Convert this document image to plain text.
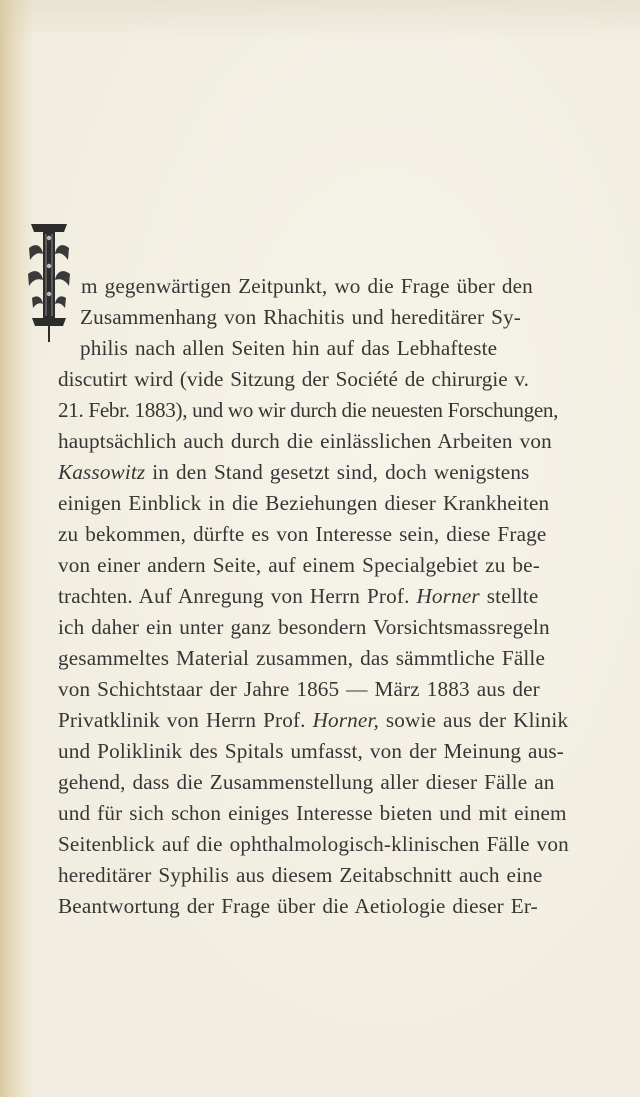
I m gegenwärtigen Zeitpunkt, wo die Frage über den
Zusammenhang von Rhachitis und hereditärer Sy-
philis nach allen Seiten hin auf das Lebhafteste
discutirt wird (vide Sitzung der Société de chirurgie v.
21. Febr. 1883), und wo wir durch die neuesten Forschungen,
hauptsächlich auch durch die einlässlichen Arbeiten von
Kassowitz in den Stand gesetzt sind, doch wenigstens
einigen Einblick in die Beziehungen dieser Krankheiten
zu bekommen, dürfte es von Interesse sein, diese Frage
von einer andern Seite, auf einem Specialgebiet zu be-
trachten. Auf Anregung von Herrn Prof. Horner stellte
ich daher ein unter ganz besondern Vorsichtsmassregeln
gesammeltes Material zusammen, das sämmtliche Fälle
von Schichtstaar der Jahre 1865 — März 1883 aus der
Privatklinik von Herrn Prof. Horner, sowie aus der Klinik
und Poliklinik des Spitals umfasst, von der Meinung aus-
gehend, dass die Zusammenstellung aller dieser Fälle an
und für sich schon einiges Interesse bieten und mit einem
Seitenblick auf die ophthalmologisch-klinischen Fälle von
hereditärer Syphilis aus diesem Zeitabschnitt auch eine
Beantwortung der Frage über die Aetiologie dieser Er-
